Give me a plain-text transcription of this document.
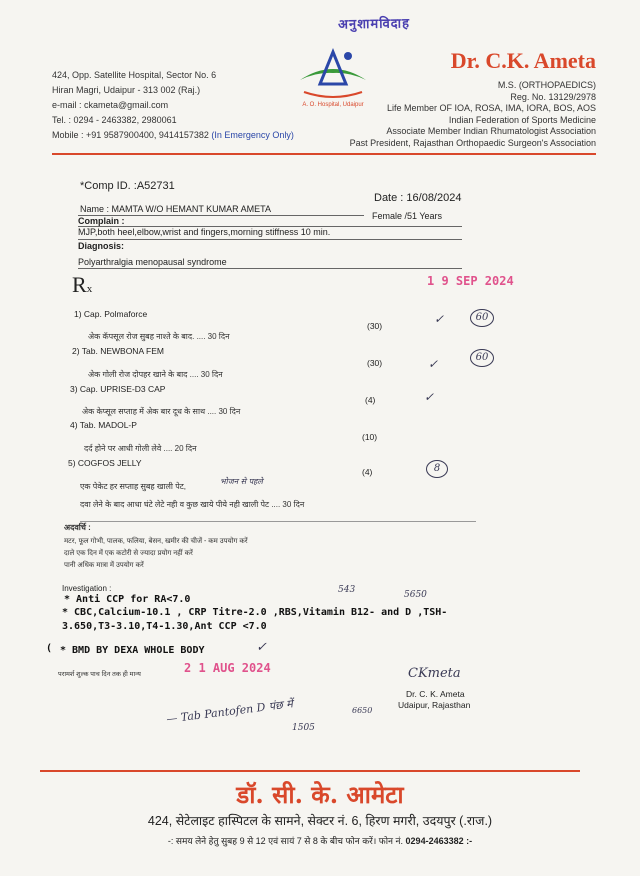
अनुशामविदाह
424, Opp. Satellite Hospital, Sector No. 6
Hiran Magri, Udaipur - 313 002 (Raj.)
e-mail : ckameta@gmail.com
Tel. : 0294 - 2463382, 2980061
Mobile : +91 9587900400, 9414157382 (In Emergency Only)
A. O. Hospital, Udaipur
Dr. C.K. Ameta
M.S. (ORTHOPAEDICS)
Reg. No. 13129/2978
Life Member OF IOA, ROSA, IMA, IORA, BOS, AOS
Indian Federation of Sports Medicine
Associate Member Indian Rhumatologist Association
Past President, Rajasthan Orthopaedic Surgeon's Association
*Comp ID. :A52731
Date : 16/08/2024
Name : MAMTA W/O HEMANT KUMAR AMETA
Female /51 Years
Complain :
MJP,both heel,elbow,wrist and fingers,morning stiffness 10 min.
Diagnosis:
Polyarthralgia menopausal syndrome
Rx
1 9 SEP 2024
1) Cap. Polmaforce
अेक कॅपसूल रोज सुबह नाश्ते के बाद. .... 30 दिन
(30)	✓	60
2) Tab. NEWBONA FEM
अेक गोली रोज दोपहर खाने के बाद .... 30 दिन
(30)	✓	60
3) Cap. UPRISE-D3 CAP
अेक केप्सूल सप्ताह में अेक बार दूध के साथ .... 30 दिन
(4)	✓
4) Tab. MADOL-P
दर्द होने पर आधी गोली लेवे .... 20 दिन
(10)
5) COGFOS JELLY
एक पेकेट हर सप्ताह सुबह खाली पेट,
भोजन से पहले
दवा लेने के बाद आधा घंटे लेटे नही व कुछ खाये पीये नही खाली पेट .... 30 दिन
(4)	8
अदवर्चि :
मटर, फूल गोभी, पालक, फलिया, बेसन, खमीर की चीजें - कम उपयोग करें
दाले एक दिन में एक कटोरी से ज्यादा प्रयोग नहीं करें
पानी अधिक मात्रा में उपयोग करें
Investigation :	543	5650
* Anti CCP for RA<7.0
* CBC,Calcium-10.1 , CRP Titre-2.0 ,RBS,Vitamin B12- and D ,TSH-
3.650,T3-3.10,T4-1.30,Ant CCP <7.0
( * BMD BY DEXA WHOLE BODY	✓
परामर्श शुल्क पाच दिन तक ही मान्य	2 1 AUG 2024	CKmeta
Dr. C. K. Ameta
Udaipur, Rajasthan
— Tab Pantofen D पंछ में
1505
6650
डॉ. सी. के. आमेटा
424, सेटेलाइट हास्पिटल के सामने, सेक्टर नं. 6, हिरण मगरी, उदयपुर (.राज.)
-: समय लेने हेतु सुबह 9 से 12 एवं सायं 7 से 8 के बीच फोन करें। फोन नं. 0294-2463382 :-
